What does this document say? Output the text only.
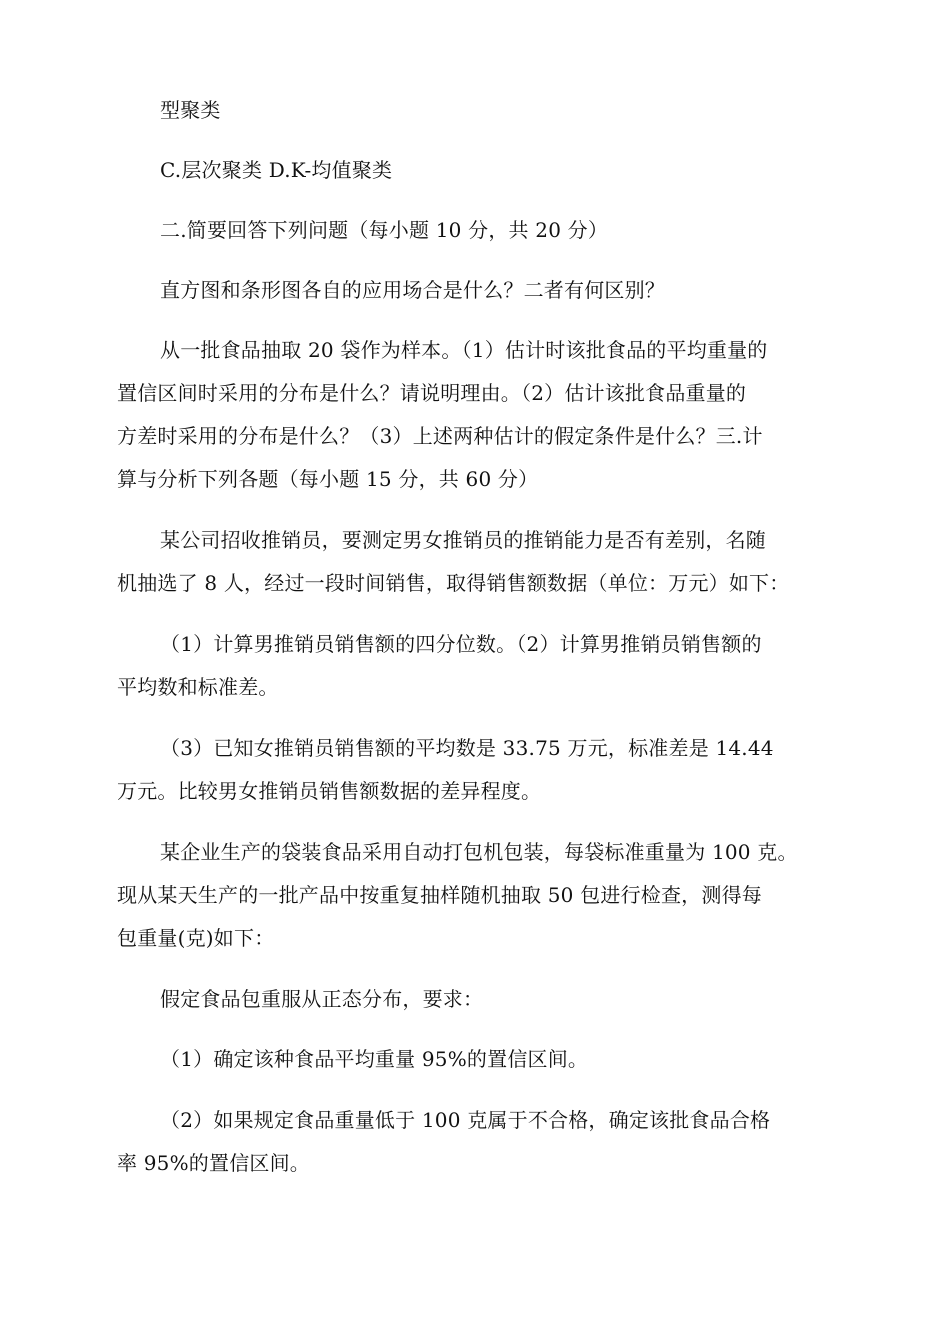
型聚类
C.层次聚类 D.K-均值聚类
二.简要回答下列问题（每小题 10 分，共 20 分）
直方图和条形图各自的应用场合是什么？二者有何区别？
从一批食品抽取 20 袋作为样本。（1）估计时该批食品的平均重量的
置信区间时采用的分布是什么？请说明理由。（2）估计该批食品重量的
方差时采用的分布是什么？（3）上述两种估计的假定条件是什么？三.计
算与分析下列各题（每小题 15 分，共 60 分）
某公司招收推销员，要测定男女推销员的推销能力是否有差别，名随
机抽选了 8 人，经过一段时间销售，取得销售额数据（单位：万元）如下：
（1）计算男推销员销售额的四分位数。（2）计算男推销员销售额的
平均数和标准差。
（3）已知女推销员销售额的平均数是 33.75 万元，标准差是 14.44
万元。比较男女推销员销售额数据的差异程度。
某企业生产的袋装食品采用自动打包机包装，每袋标准重量为 100 克。
现从某天生产的一批产品中按重复抽样随机抽取 50 包进行检查，测得每
包重量(克)如下：
假定食品包重服从正态分布，要求：
（1）确定该种食品平均重量 95%的置信区间。
（2）如果规定食品重量低于 100 克属于不合格，确定该批食品合格
率 95%的置信区间。
